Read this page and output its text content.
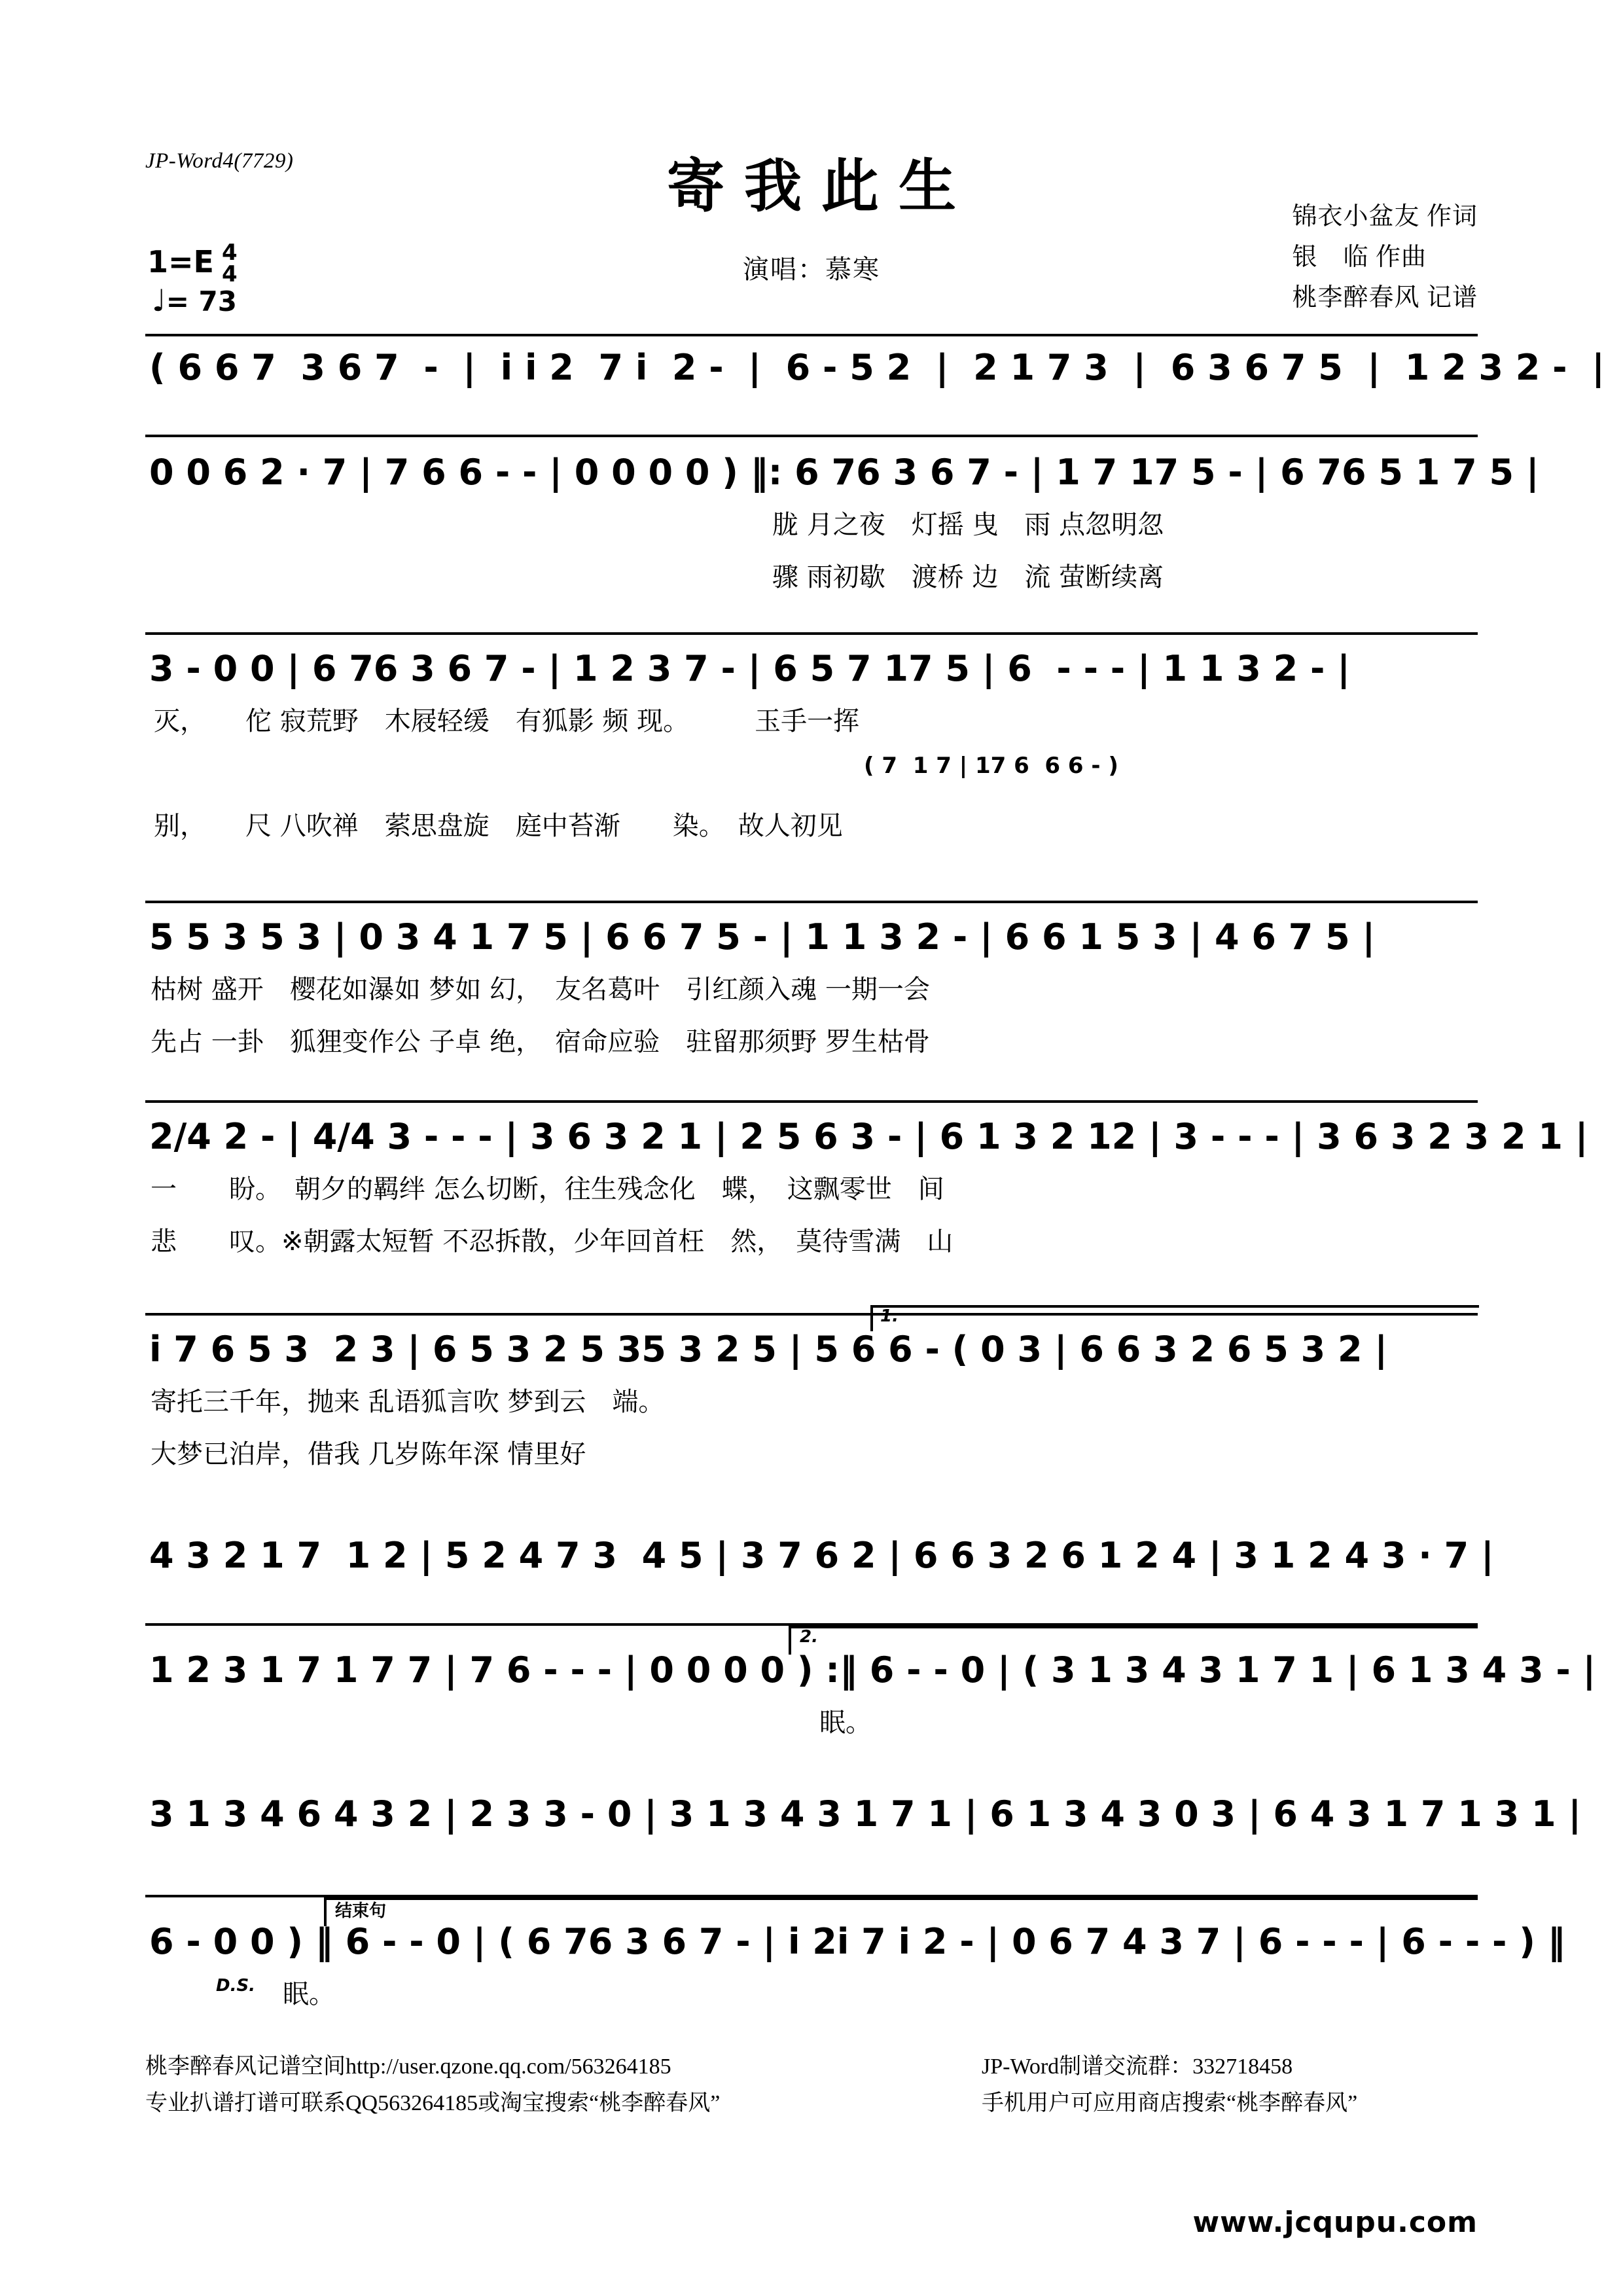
JP-Word4(7729)	寄我此生
演唱：慕寒
锦衣小盆友 作词
银　临 作曲
桃李醉春风 记谱
1=E 4
4
♩= 73
( 6 6 7  3 6 7  -  |  i i 2  7 i  2 -  |  6 - 5 2  |  2 1 7 3  |  6 3 6 7 5  |  1 2 3 2 -  |
0 0 6 2 · 7 | 7 6 6 - - | 0 0 0 0 ) ‖: 6 76 3 6 7 - | 1 7 17 5 - | 6 76 5 1 7 5 |
胧 月之夜　灯摇 曳　雨 点忽明忽
骤 雨初歇　渡桥 边　流 萤断续离
3 - 0 0 | 6 76 3 6 7 - | 1 2 3 7 - | 6 5 7 17 5 | 6  - - - | 1 1 3 2 - |
灭，　　佗 寂荒野　木屐轻缓　有狐影 频 现。　　　玉手一挥
( 7  1 7 | 17 6  6 6 - )
别，　　尺 八吹禅　萦思盘旋　庭中苔渐　　染。　故人初见
5 5 3 5 3 | 0 3 4 1 7 5 | 6 6 7 5 - | 1 1 3 2 - | 6 6 1 5 3 | 4 6 7 5 |
枯树 盛开　樱花如瀑如 梦如 幻，　友名葛叶　引红颜入魂 一期一会
先占 一卦　狐狸变作公 子卓 绝，　宿命应验　驻留那须野 罗生枯骨
2/4 2 - | 4/4 3 - - - | 3 6 3 2 1 | 2 5 6 3 - | 6 1 3 2 12 | 3 - - - | 3 6 3 2 3 2 1 |
一　　盼。　朝夕的羁绊 怎么切断，往生残念化　蝶，　这飘零世　间
悲　　叹。※朝露太短暂 不忍拆散，少年回首枉　然，　莫待雪满　山
1.
i 7 6 5 3  2 3 | 6 5 3 2 5 35 3 2 5 | 5 6 6 - ( 0 3 | 6 6 3 2 6 5 3 2 |
寄托三千年，抛来 乱语狐言吹 梦到云　端。
大梦已泊岸，借我 几岁陈年深 情里好
4 3 2 1 7  1 2 | 5 2 4 7 3  4 5 | 3 7 6 2 | 6 6 3 2 6 1 2 4 | 3 1 2 4 3 · 7 |
2.
1 2 3 1 7 1 7 7 | 7 6 - - - | 0 0 0 0 ) :‖ 6 - - 0 | ( 3 1 3 4 3 1 7 1 | 6 1 3 4 3 - |
眠。
3 1 3 4 6 4 3 2 | 2 3 3 - 0 | 3 1 3 4 3 1 7 1 | 6 1 3 4 3 0 3 | 6 4 3 1 7 1 3 1 |
结束句
6 - 0 0 ) ‖ 6 - - 0 | ( 6 76 3 6 7 - | i 2i 7 i 2 - | 0 6 7 4 3 7 | 6 - - - | 6 - - - ) ‖
眠。
D.S.
桃李醉春风记谱空间http://user.qzone.qq.com/563264185
专业扒谱打谱可联系QQ563264185或淘宝搜索“桃李醉春风”
JP-Word制谱交流群：332718458
手机用户可应用商店搜索“桃李醉春风”
www.jcqupu.com
